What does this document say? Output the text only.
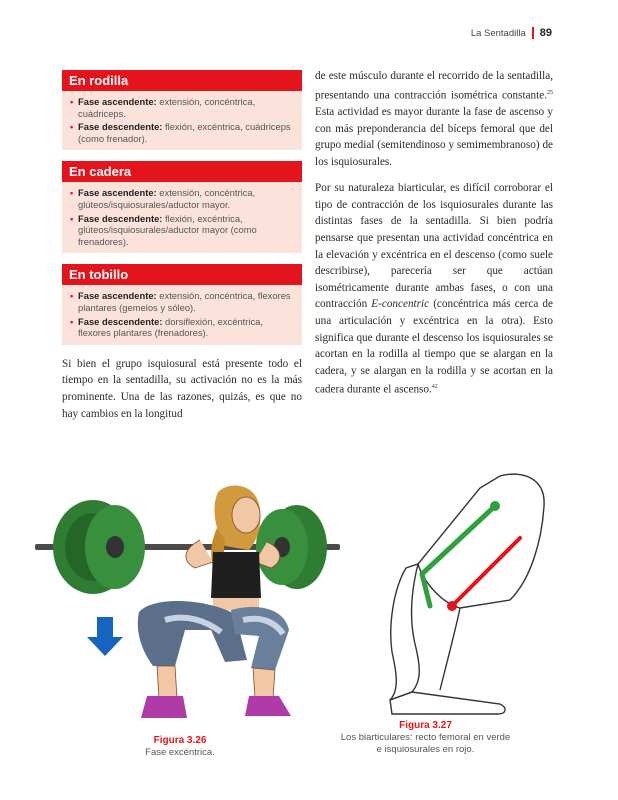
La Sentadilla 89
En rodilla
• Fase ascendente: extensión, concéntrica, cuádriceps.
• Fase descendente: flexión, excéntrica, cuádriceps (como frenador).
En cadera
• Fase ascendente: extensión, concéntrica, glúteos/isquiosurales/aductor mayor.
• Fase descendente: flexión, excéntrica, glúteos/isquiosurales/aductor mayor (como frenadores).
En tobillo
• Fase ascendente: extensión, concéntrica, flexores plantares (gemelos y sóleo).
• Fase descendente: dorsiflexión, excéntrica, flexores plantares (frenadores).

Si bien el grupo isquiosural está presente todo el tiempo en la sentadilla, su activación no es la más prominente. Una de las razones, quizás, es que no hay cambios en la longitud

de este músculo durante el recorrido de la sentadilla, presentando una contracción isométrica constante.$^{25}$ Esta actividad es mayor durante la fase de ascenso y con más preponderancia del bíceps femoral que del grupo medial (semitendinoso y semimembranoso) de los isquiosurales.

Por su naturaleza biarticular, es difícil corroborar el tipo de contracción de los isquiosurales durante las distintas fases de la sentadilla. Si bien podría pensarse que presentan una actividad concéntrica en la elevación y excéntrica en el descenso (como suele describirse), parecería ser que actúan isométricamente durante ambas fases, o con una contracción E-concentric (concéntrica más cerca de una articulación y excéntrica en la otra). Esto significa que durante el descenso los isquiosurales se acortan en la rodilla al tiempo que se alargan en la cadera, y se alargan en la rodilla y se acortan en la cadera durante el ascenso.$^{42}$

Figura 3.26
Fase excéntrica.
Figura 3.27
Los biarticulares: recto femoral en verde
e isquiosurales en rojo.
